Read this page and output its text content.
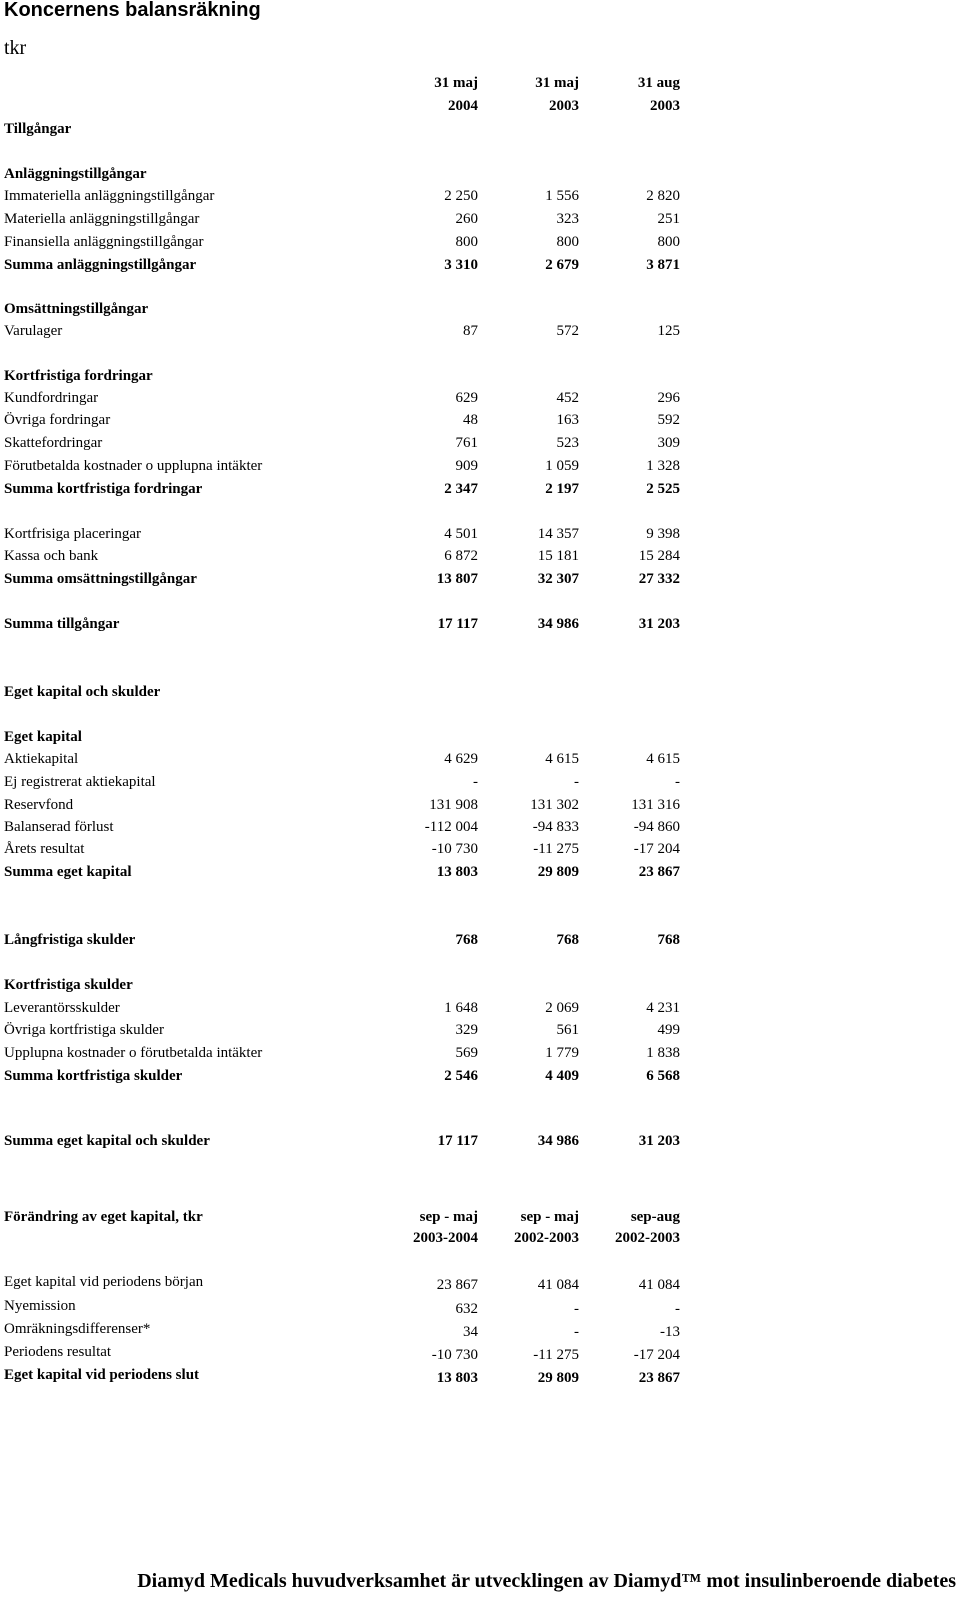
Koncernens balansräkning
tkr
31 maj	31 maj	31 aug
2004	2003	2003
Tillgångar
Anläggningstillgångar
Immateriella anläggningstillgångar	2 250	1 556	2 820
Materiella anläggningstillgångar	260	323	251
Finansiella anläggningstillgångar	800	800	800
Summa anläggningstillgångar	3 310	2 679	3 871
Omsättningstillgångar
Varulager	87	572	125
Kortfristiga fordringar
Kundfordringar	629	452	296
Övriga fordringar	48	163	592
Skattefordringar	761	523	309
Förutbetalda kostnader o upplupna intäkter	909	1 059	1 328
Summa kortfristiga fordringar	2 347	2 197	2 525
Kortfrisiga placeringar	4 501	14 357	9 398
Kassa och bank	6 872	15 181	15 284
Summa omsättningstillgångar	13 807	32 307	27 332
Summa tillgångar	17 117	34 986	31 203
Eget kapital och skulder
Eget kapital
Aktiekapital	4 629	4 615	4 615
Ej registrerat aktiekapital	-	-	-
Reservfond	131 908	131 302	131 316
Balanserad förlust	-112 004	-94 833	-94 860
Årets resultat	-10 730	-11 275	-17 204
Summa eget kapital	13 803	29 809	23 867
Långfristiga skulder	768	768	768
Kortfristiga skulder
Leverantörsskulder	1 648	2 069	4 231
Övriga kortfristiga skulder	329	561	499
Upplupna kostnader o förutbetalda intäkter	569	1 779	1 838
Summa kortfristiga skulder	2 546	4 409	6 568
Summa eget kapital och skulder	17 117	34 986	31 203
Förändring av eget kapital, tkr	sep - maj	sep - maj	sep-aug
2003-2004	2002-2003	2002-2003
Eget kapital vid periodens början	23 867	41 084	41 084
Nyemission	632	-	-
Omräkningsdifferenser*	34	-	-13
Periodens resultat	-10 730	-11 275	-17 204
Eget kapital vid periodens slut	13 803	29 809	23 867
Diamyd Medicals huvudverksamhet är utvecklingen av Diamyd™ mot insulinberoende diabetes
